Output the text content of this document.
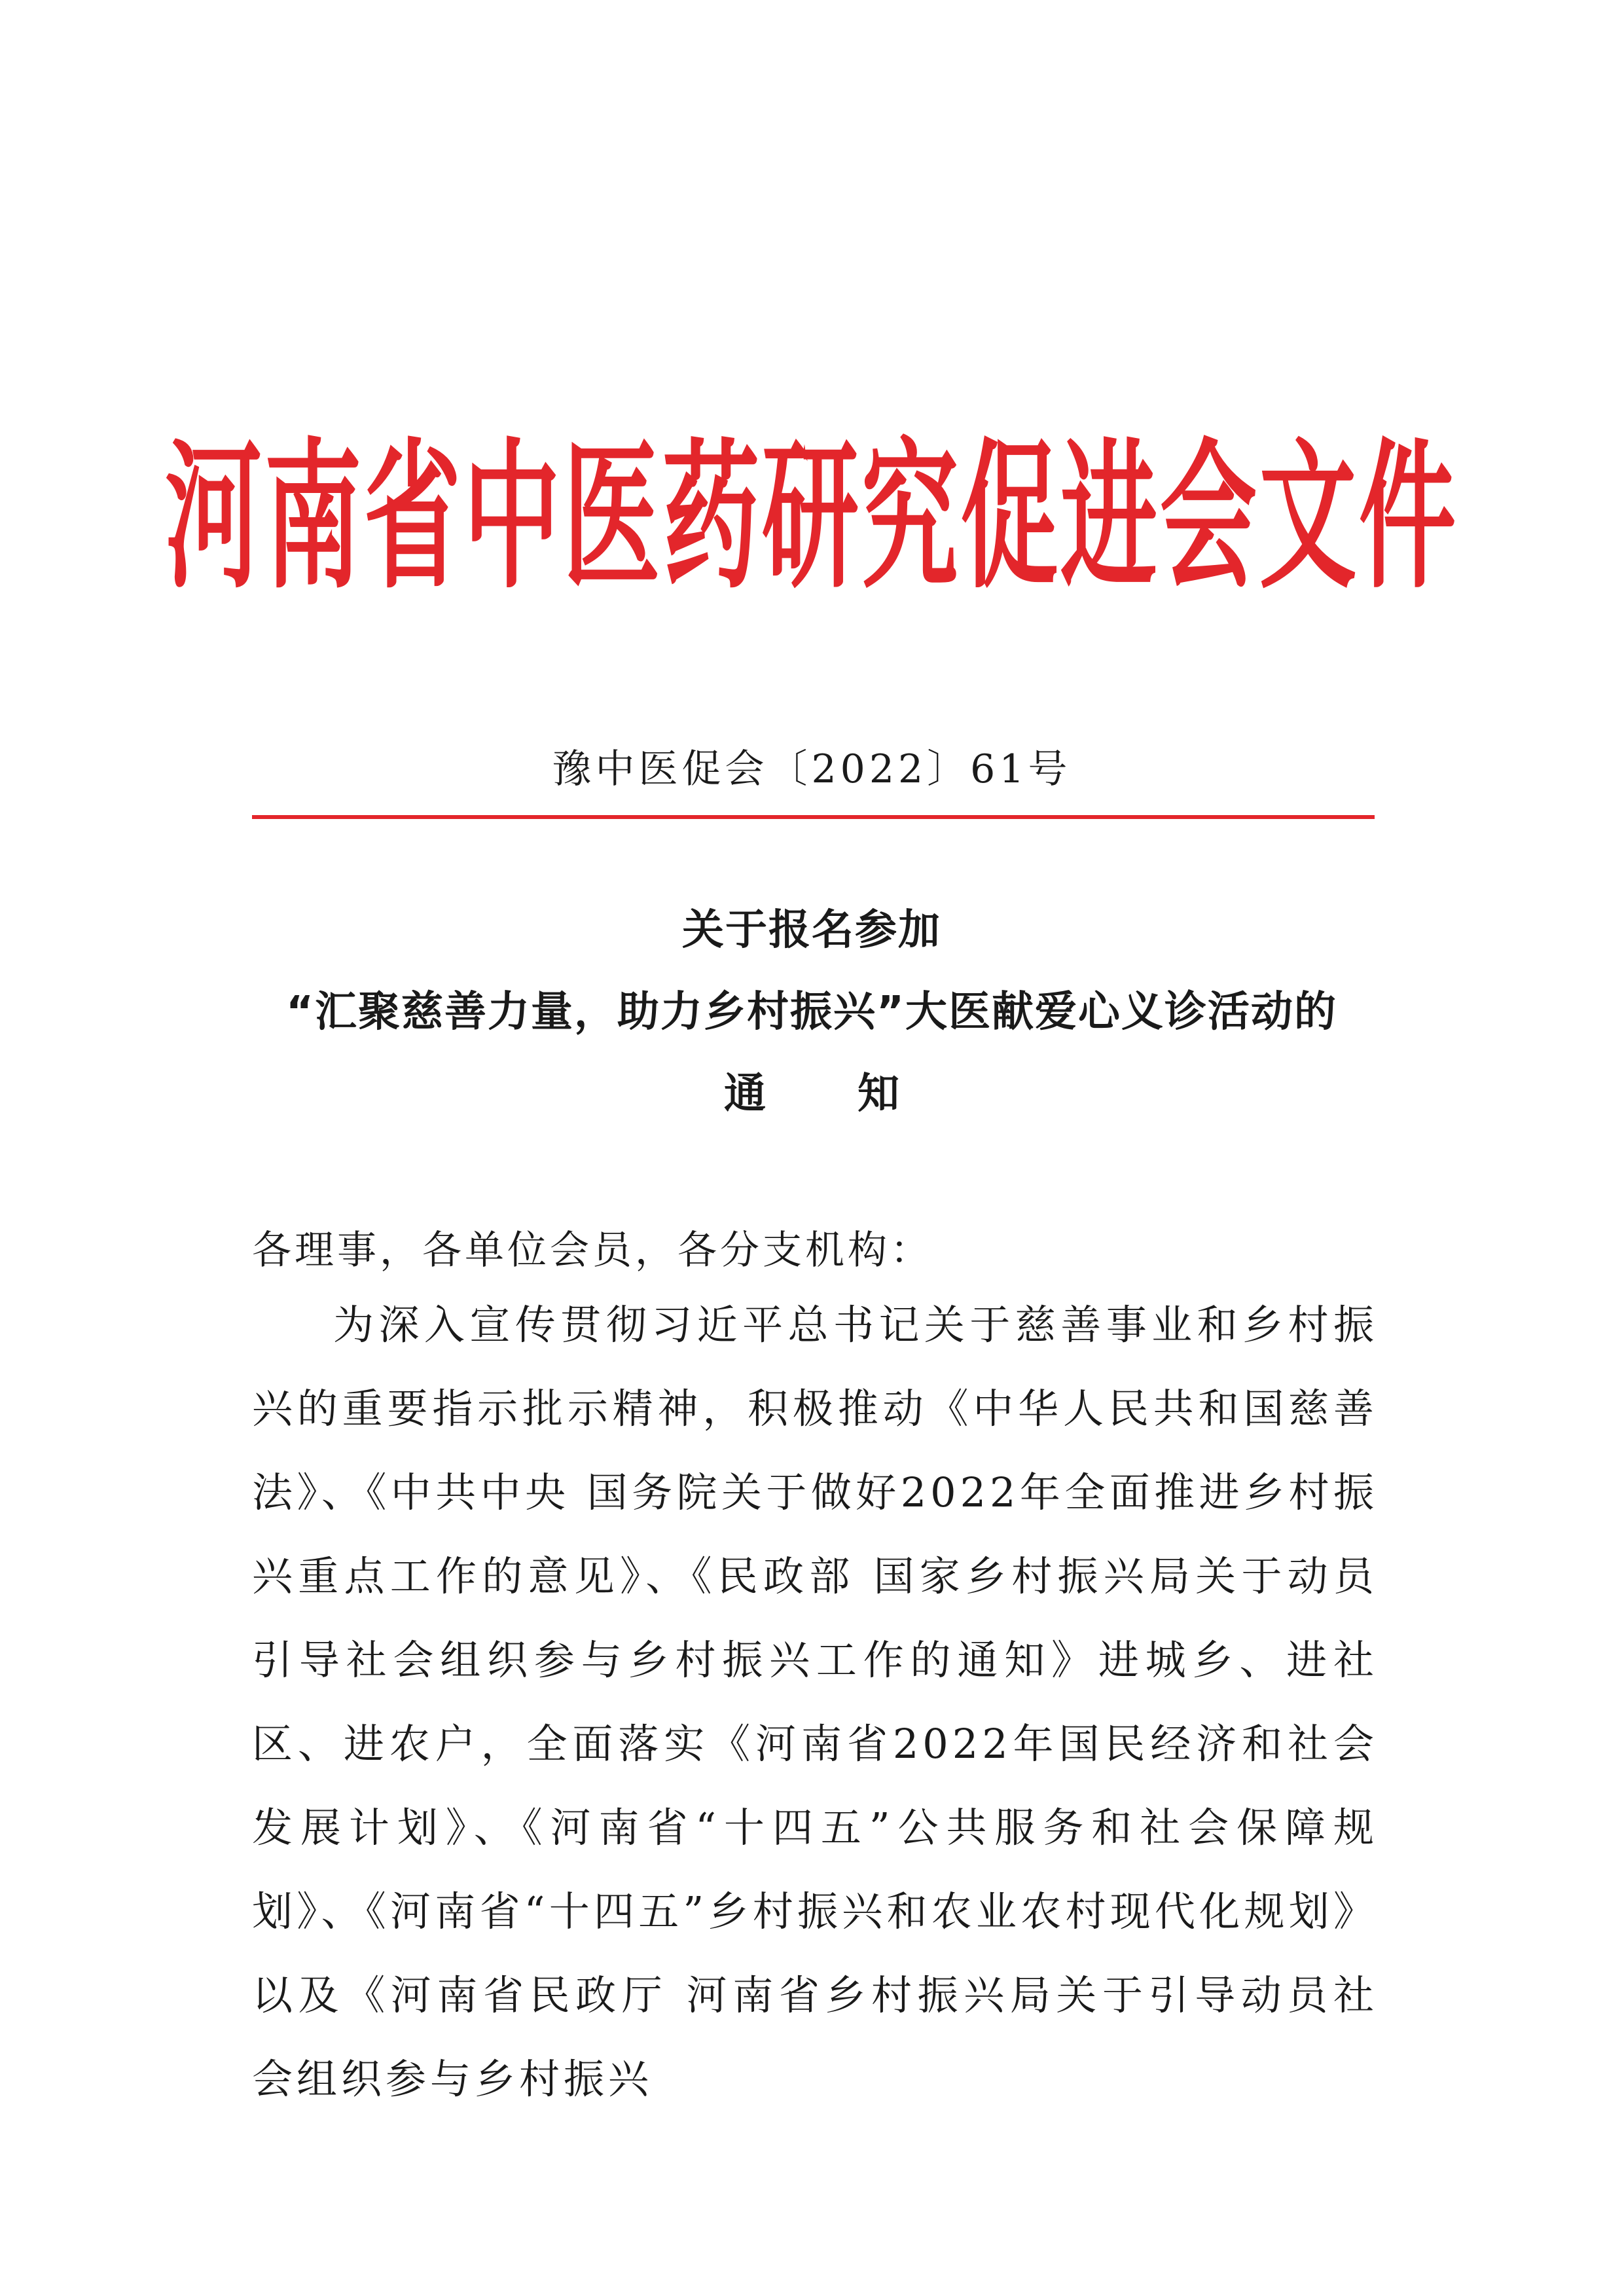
河南省中医药研究促进会文件
豫中医促会〔2022〕61号
关于报名参加
“汇聚慈善力量，助力乡村振兴”大医献爱心义诊活动的
通知
各理事，各单位会员，各分支机构：

为深入宣传贯彻习近平总书记关于慈善事业和乡村振兴的重要指示批示精神，积极推动《中华人民共和国慈善法》、《中共中央 国务院关于做好2022年全面推进乡村振兴重点工作的意见》、《民政部 国家乡村振兴局关于动员引导社会组织参与乡村振兴工作的通知》进城乡、进社区、进农户，全面落实《河南省2022年国民经济和社会发展计划》、《河南省“十四五”公共服务和社会保障规划》、《河南省“十四五”乡村振兴和农业农村现代化规划》以及《河南省民政厅 河南省乡村振兴局关于引导动员社会组织参与乡村振兴
